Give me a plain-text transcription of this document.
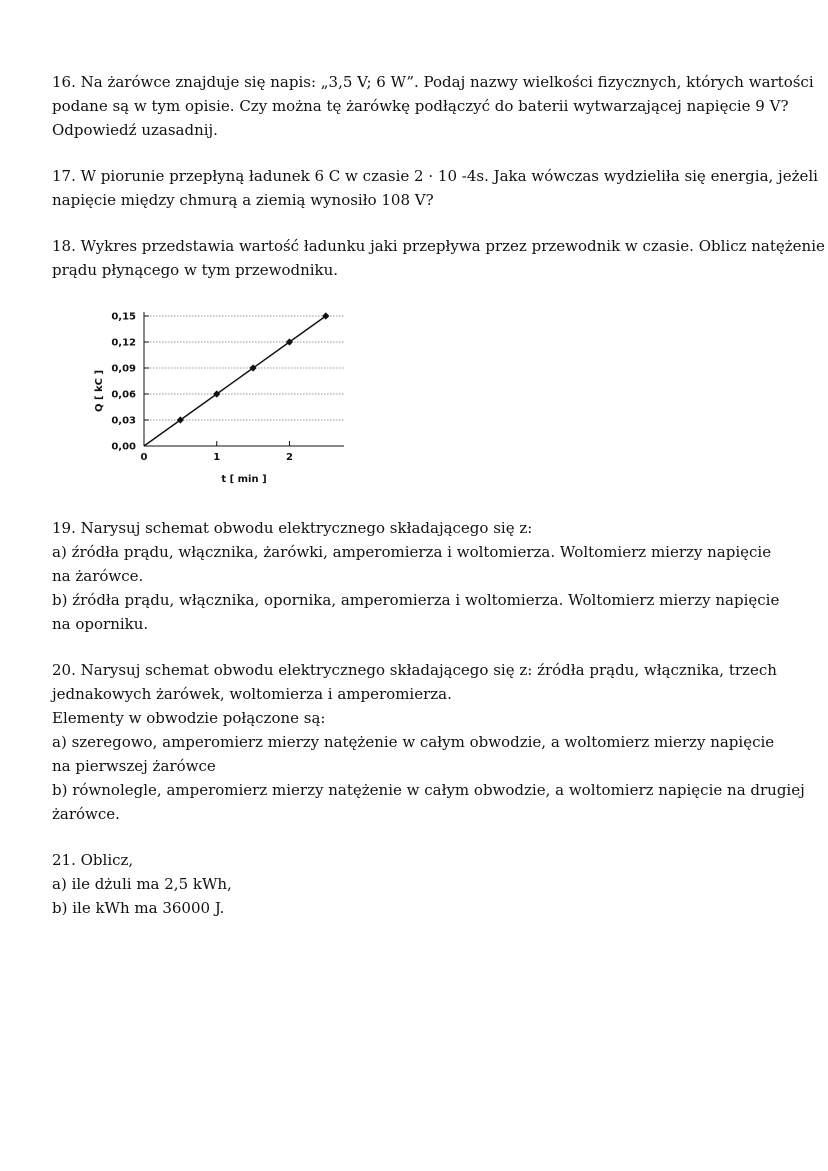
16. Na żarówce znajduje się napis: „3,5 V; 6 W”. Podaj nazwy wielkości fizycznych, których wartości
podane są w tym opisie. Czy można tę żarówkę podłączyć do baterii wytwarzającej napięcie 9 V?
Odpowiedź uzasadnij.

17. W piorunie przepłyną ładunek 6 C w czasie 2 · 10 -4s. Jaka wówczas wydzieliła się energia, jeżeli
napięcie między chmurą a ziemią wynosiło 108 V?

18. Wykres przedstawia wartość ładunku jaki przepływa przez przewodnik w czasie. Oblicz natężenie
prądu płynącego w tym przewodniku.

0,00
0,03
0,06
0,09
0,12
0,15
0	1	2
t [ min ]
Q [ kC ]

19. Narysuj schemat obwodu elektrycznego składającego się z:
a) źródła prądu, włącznika, żarówki, amperomierza i woltomierza. Woltomierz mierzy napięcie
na żarówce.
b) źródła prądu, włącznika, opornika, amperomierza i woltomierza. Woltomierz mierzy napięcie
na oporniku.

20. Narysuj schemat obwodu elektrycznego składającego się z: źródła prądu, włącznika, trzech
jednakowych żarówek, woltomierza i amperomierza.
Elementy w obwodzie połączone są:
a) szeregowo, amperomierz mierzy natężenie w całym obwodzie, a woltomierz mierzy napięcie
na pierwszej żarówce
b) równolegle, amperomierz mierzy natężenie w całym obwodzie, a woltomierz napięcie na drugiej
żarówce.

21. Oblicz,
a) ile dżuli ma 2,5 kWh,
b) ile kWh ma 36000 J.
